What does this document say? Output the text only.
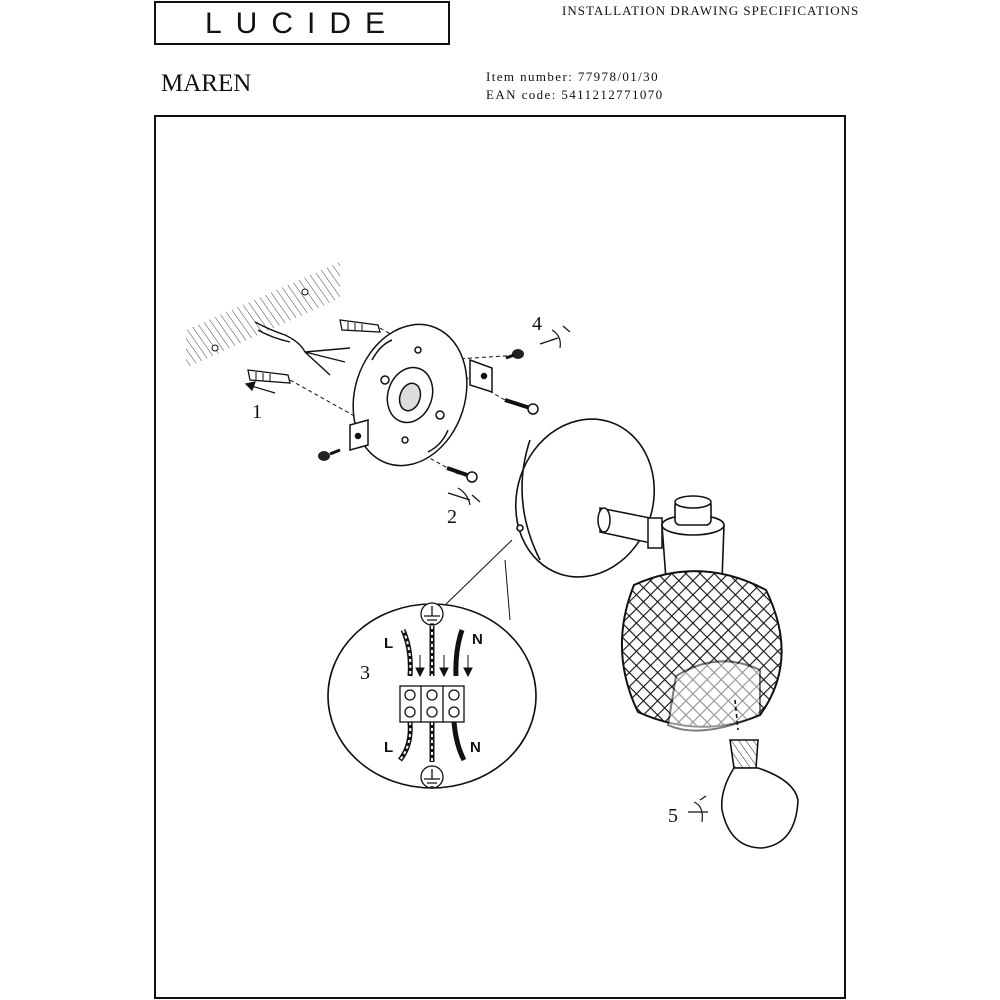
LUCIDE	INSTALLATION DRAWING SPECIFICATIONS
MAREN	Item number: 77978/01/30
EAN code: 5411212771070
L	N
L	N
1
2
3
4
5
